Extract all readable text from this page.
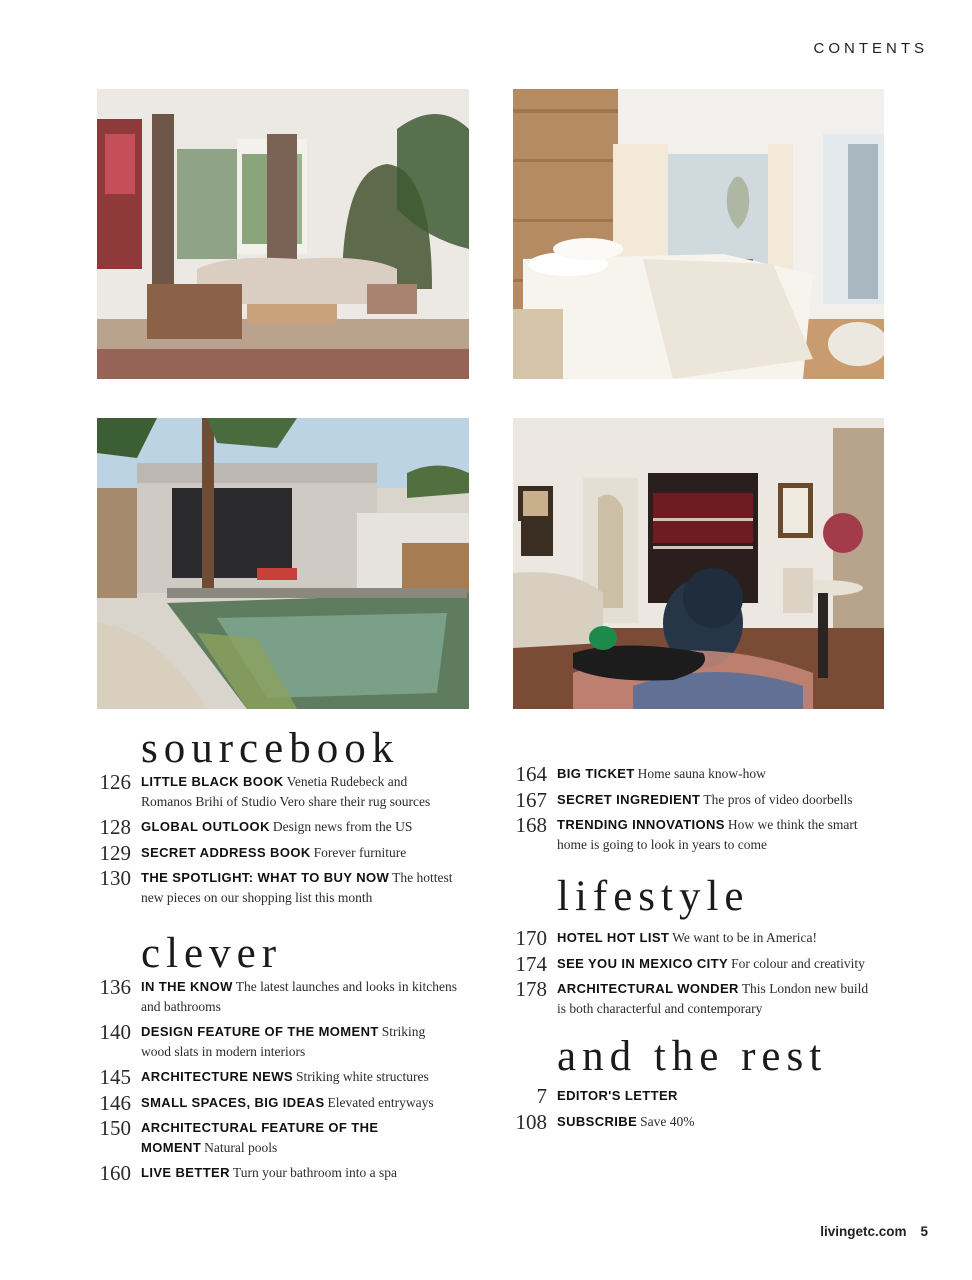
CONTENTS
sourcebook
126 LITTLE BLACK BOOK Venetia Rudebeck and Romanos Brihi of Studio Vero share their rug sources
128 GLOBAL OUTLOOK Design news from the US
129 SECRET ADDRESS BOOK Forever furniture
130 THE SPOTLIGHT: WHAT TO BUY NOW The hottest new pieces on our shopping list this month
clever
136 IN THE KNOW The latest launches and looks in kitchens and bathrooms
140 DESIGN FEATURE OF THE MOMENT Striking wood slats in modern interiors
145 ARCHITECTURE NEWS Striking white structures
146 SMALL SPACES, BIG IDEAS Elevated entryways
150 ARCHITECTURAL FEATURE OF THE MOMENT Natural pools
160 LIVE BETTER Turn your bathroom into a spa
164 BIG TICKET Home sauna know-how
167 SECRET INGREDIENT The pros of video doorbells
168 TRENDING INNOVATIONS How we think the smart home is going to look in years to come
lifestyle
170 HOTEL HOT LIST We want to be in America!
174 SEE YOU IN MEXICO CITY For colour and creativity
178 ARCHITECTURAL WONDER This London new build is both characterful and contemporary
and the rest
7 EDITOR'S LETTER
108 SUBSCRIBE Save 40%
livingetc.com 5
